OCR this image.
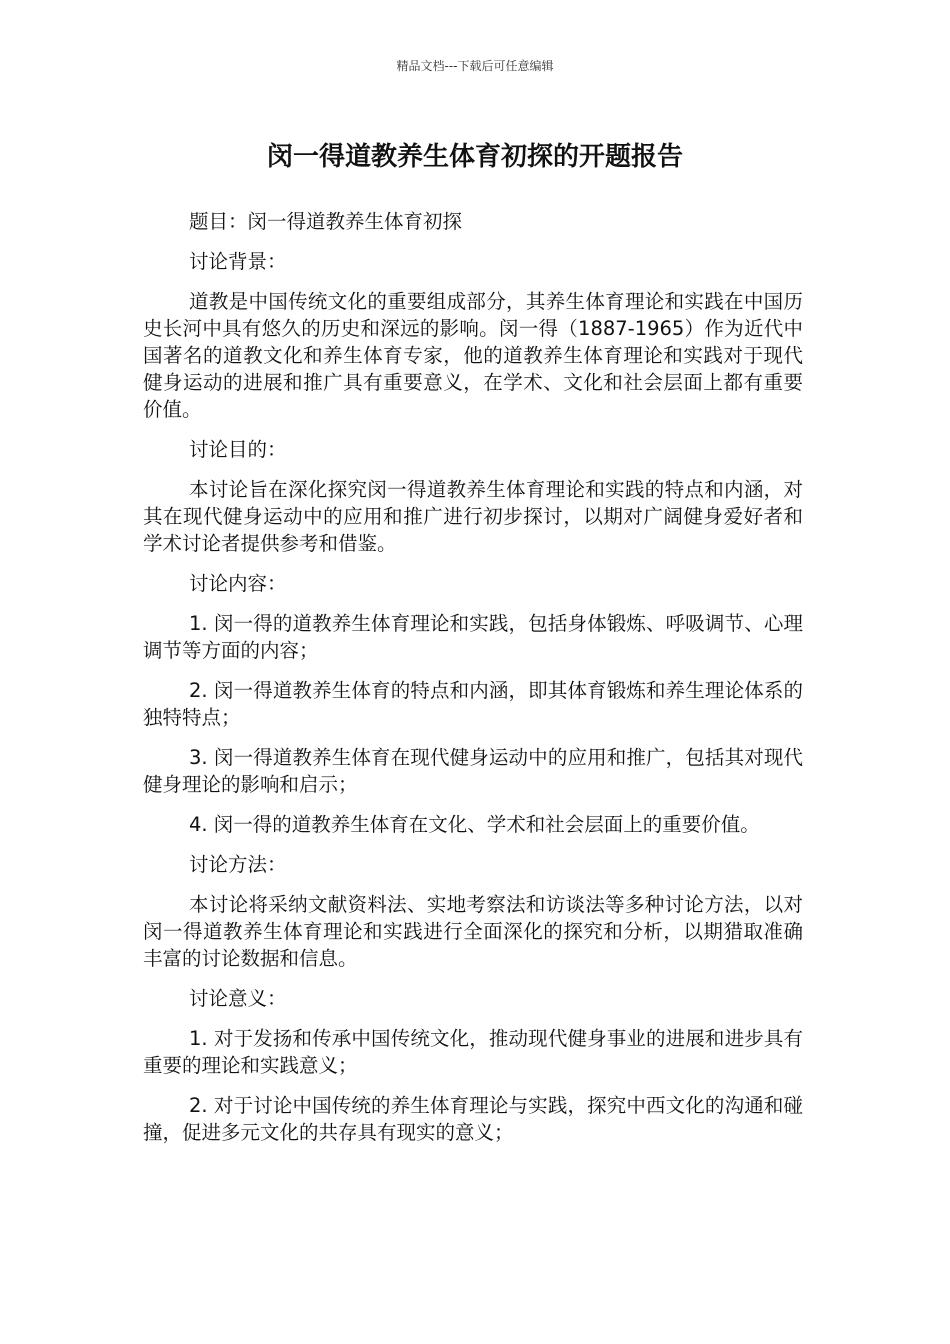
精品文档---下载后可任意编辑
闵一得道教养生体育初探的开题报告

题目：闵一得道教养生体育初探

讨论背景：

道教是中国传统文化的重要组成部分，其养生体育理论和实践在中国历史长河中具有悠久的历史和深远的影响。闵一得（1887-1965）作为近代中国著名的道教文化和养生体育专家，他的道教养生体育理论和实践对于现代健身运动的进展和推广具有重要意义，在学术、文化和社会层面上都有重要价值。

讨论目的：

本讨论旨在深化探究闵一得道教养生体育理论和实践的特点和内涵，对其在现代健身运动中的应用和推广进行初步探讨，以期对广阔健身爱好者和学术讨论者提供参考和借鉴。

讨论内容：

1. 闵一得的道教养生体育理论和实践，包括身体锻炼、呼吸调节、心理调节等方面的内容；

2. 闵一得道教养生体育的特点和内涵，即其体育锻炼和养生理论体系的独特特点；

3. 闵一得道教养生体育在现代健身运动中的应用和推广，包括其对现代健身理论的影响和启示；

4. 闵一得的道教养生体育在文化、学术和社会层面上的重要价值。

讨论方法：

本讨论将采纳文献资料法、实地考察法和访谈法等多种讨论方法，以对闵一得道教养生体育理论和实践进行全面深化的探究和分析，以期猎取准确丰富的讨论数据和信息。

讨论意义：

1. 对于发扬和传承中国传统文化，推动现代健身事业的进展和进步具有重要的理论和实践意义；

2. 对于讨论中国传统的养生体育理论与实践，探究中西文化的沟通和碰撞，促进多元文化的共存具有现实的意义；
